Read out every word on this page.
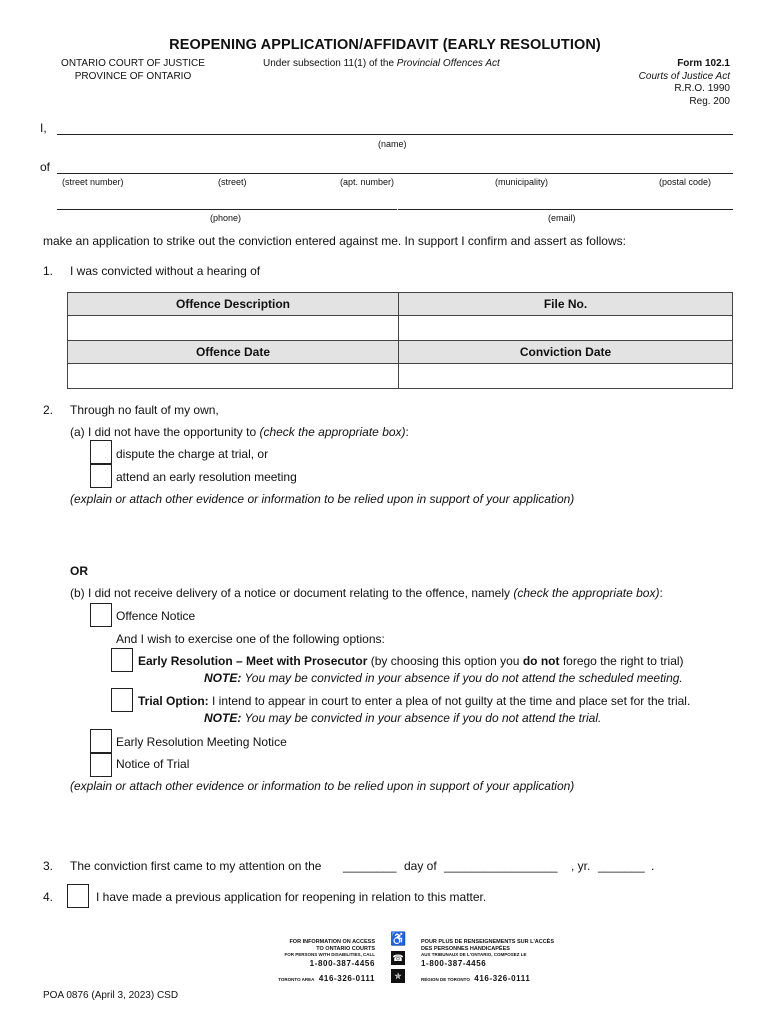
REOPENING APPLICATION/AFFIDAVIT (EARLY RESOLUTION)
ONTARIO COURT OF JUSTICE
PROVINCE OF ONTARIO
Under subsection 11(1) of the Provincial Offences Act	Form 102.1
Courts of Justice Act
R.R.O. 1990
Reg. 200
I,
(name)
of
(street number)	(street)	(apt. number)	(municipality)	(postal code)
(phone)	(email)
make an application to strike out the conviction entered against me. In support I confirm and assert as follows:
1. I was convicted without a hearing of
Offence Description	File No.

Offence Date	Conviction Date

2. Through no fault of my own,
(a) I did not have the opportunity to (check the appropriate box):
dispute the charge at trial, or
attend an early resolution meeting
(explain or attach other evidence or information to be relied upon in support of your application)
OR
(b) I did not receive delivery of a notice or document relating to the offence, namely (check the appropriate box):
Offence Notice
And I wish to exercise one of the following options:
Early Resolution – Meet with Prosecutor (by choosing this option you do not forego the right to trial)
NOTE: You may be convicted in your absence if you do not attend the scheduled meeting.
Trial Option: I intend to appear in court to enter a plea of not guilty at the time and place set for the trial.
NOTE: You may be convicted in your absence if you do not attend the trial.
Early Resolution Meeting Notice
Notice of Trial
(explain or attach other evidence or information to be relied upon in support of your application)
3. The conviction first came to my attention on the ________ day of _________________ , yr. _______ .
4.	I have made a previous application for reopening in relation to this matter.
FOR INFORMATION ON ACCESS
TO ONTARIO COURTS
FOR PERSONS WITH DISABILITIES, CALL
1-800-387-4456
TORONTO AREA 416-326-0111
♿
☎
✯
POUR PLUS DE RENSEIGNEMENTS SUR L'ACCÈS
DES PERSONNES HANDICAPÉES
AUX TRIBUNAUX DE L'ONTARIO, COMPOSEZ LE
1-800-387-4456
RÉGION DE TORONTO 416-326-0111
POA 0876 (April 3, 2023) CSD
